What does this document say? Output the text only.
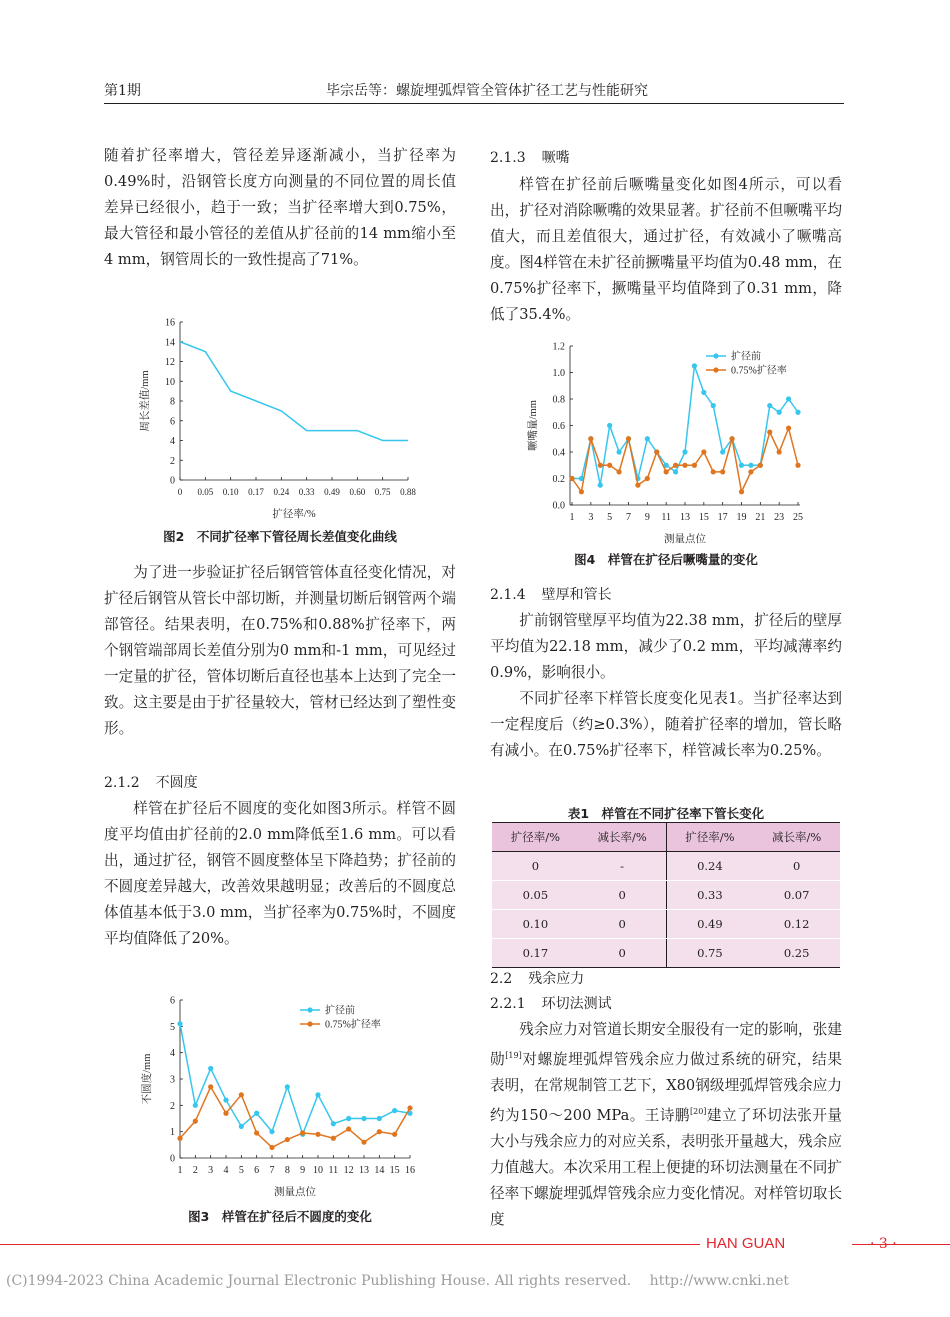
第1期	毕宗岳等：螺旋埋弧焊管全管体扩径工艺与性能研究

随着扩径率增大，管径差异逐渐减小，当扩径率为0.49%时，沿钢管长度方向测量的不同位置的周长值差异已经很小，趋于一致；当扩径率增大到0.75%，最大管径和最小管径的差值从扩径前的14 mm缩小至4 mm，钢管周长的一致性提高了71%。

0
2
4
6
8
10
12
14
16
0 0.05 0.10 0.17 0.24 0.33 0.49 0.60 0.75 0.88
扩径率/%
周长差值/mm
图2　不同扩径率下管径周长差值变化曲线

为了进一步验证扩径后钢管管体直径变化情况，对扩径后钢管从管长中部切断，并测量切断后钢管两个端部管径。结果表明，在0.75%和0.88%扩径率下，两个钢管端部周长差值分别为0 mm和-1 mm，可见经过一定量的扩径，管体切断后直径也基本上达到了完全一致。这主要是由于扩径量较大，管材已经达到了塑性变形。

2.1.2 不圆度

样管在扩径后不圆度的变化如图3所示。样管不圆度平均值由扩径前的2.0 mm降低至1.6 mm。可以看出，通过扩径，钢管不圆度整体呈下降趋势；扩径前的不圆度差异越大，改善效果越明显；改善后的不圆度总体值基本低于3.0 mm，当扩径率为0.75%时，不圆度平均值降低了20%。

0
1
2
3
4
5
6
1 2 3 4 5 6 7 8 9 10 11 12 13 14 15 16
测量点位
不圆度/mm
扩径前
0.75%扩径率
图3　样管在扩径后不圆度的变化
2.1.3 噘嘴

样管在扩径前后噘嘴量变化如图4所示，可以看出，扩径对消除噘嘴的效果显著。扩径前不但噘嘴平均值大，而且差值很大，通过扩径，有效减小了噘嘴高度。图4样管在未扩径前撅嘴量平均值为0.48 mm，在0.75%扩径率下，撅嘴量平均值降到了0.31 mm，降低了35.4%。

0.0
0.2
0.4
0.6
0.8
1.0
1.2
1 3 5 7 9 11 13 15 17 19 21 23 25
测量点位
噘嘴量/mm
扩径前
0.75%扩径率
图4　样管在扩径后噘嘴量的变化
2.1.4 壁厚和管长

扩前钢管壁厚平均值为22.38 mm，扩径后的壁厚平均值为22.18 mm，减少了0.2 mm，平均减薄率约0.9%，影响很小。

不同扩径率下样管长度变化见表1。当扩径率达到一定程度后（约≥0.3%），随着扩径率的增加，管长略有减小。在0.75%扩径率下，样管减长率为0.25%。

表1　样管在不同扩径率下管长变化
扩径率/%	减长率/%	扩径率/%	减长率/%
0	-	0.24	0
0.05	0	0.33	0.07
0.10	0	0.49	0.12
0.17	0	0.75	0.25
2.2 残余应力
2.2.1 环切法测试

残余应力对管道长期安全服役有一定的影响，张建勋[19]对螺旋埋弧焊管残余应力做过系统的研究，结果表明，在常规制管工艺下，X80钢级埋弧焊管残余应力约为150～200 MPa。王诗鹏[20]建立了环切法张开量大小与残余应力的对应关系，表明张开量越大，残余应力值越大。本次采用工程上便捷的环切法测量在不同扩径率下螺旋埋弧焊管残余应力变化情况。对样管切取长度

HAN GUAN	· 3 ·
(C)1994-2023 China Academic Journal Electronic Publishing House. All rights reserved.　 http://www.cnki.net
